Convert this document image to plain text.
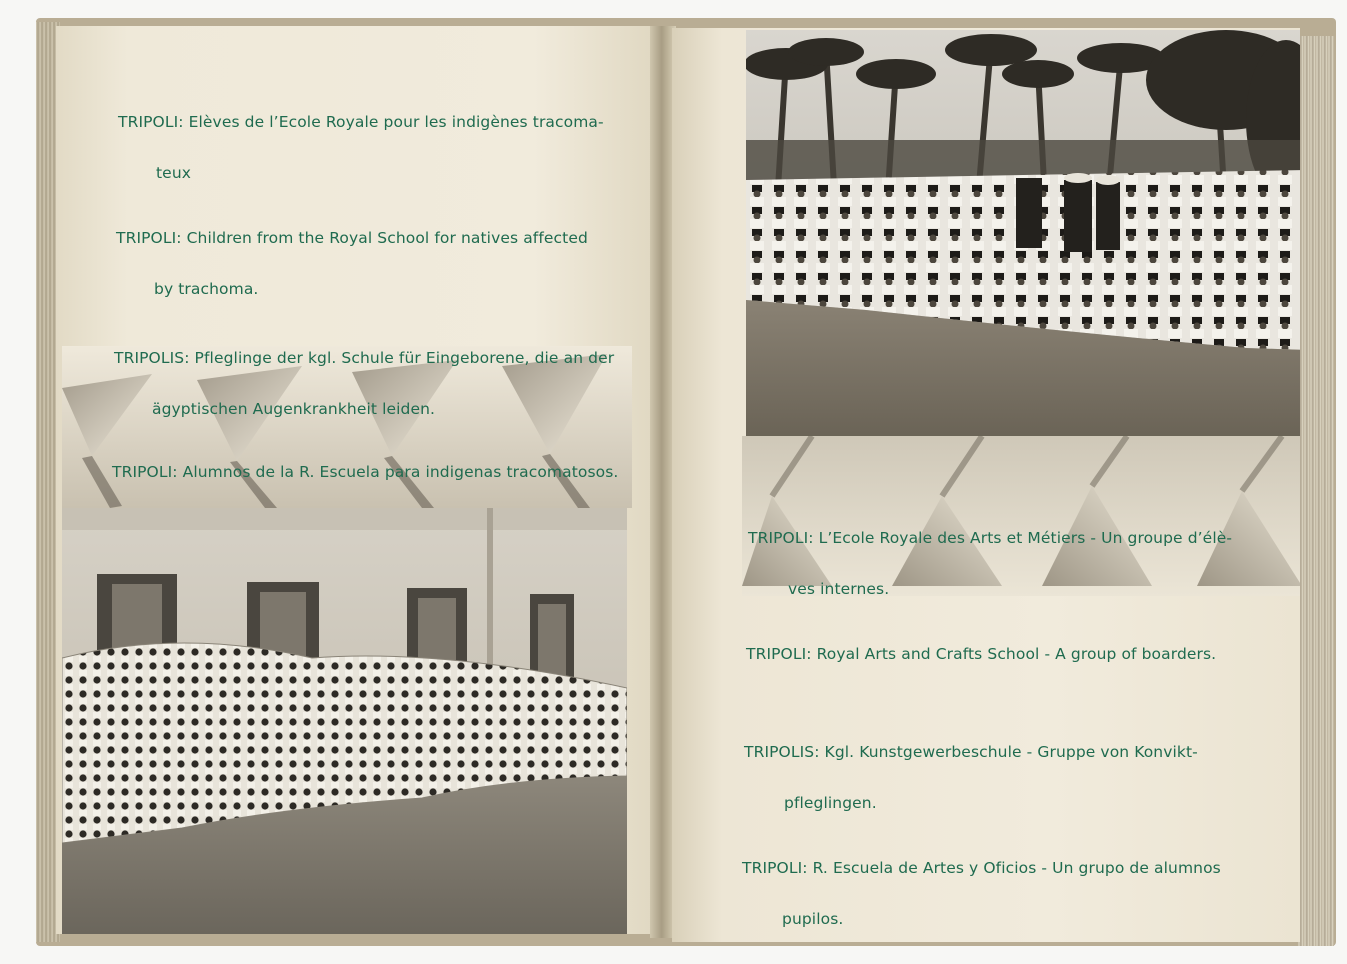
TRIPOLI: Elèves de l’Ecole Royale pour les indigènes tracoma-

teux

TRIPOLI: Children from the Royal School for natives affected

by trachoma.

TRIPOLIS: Pfleglinge der kgl. Schule für Eingeborene, die an der

ägyptischen Augenkrankheit leiden.

TRIPOLI: Alumnos de la R. Escuela para indigenas tracomatosos.

TRIPOLI: L’Ecole Royale des Arts et Métiers - Un groupe d’élè-

ves internes.

TRIPOLI: Royal Arts and Crafts School - A group of boarders.

TRIPOLIS: Kgl. Kunstgewerbeschule - Gruppe von Konvikt-

pfleglingen.

TRIPOLI: R. Escuela de Artes y Oficios - Un grupo de alumnos

pupilos.
